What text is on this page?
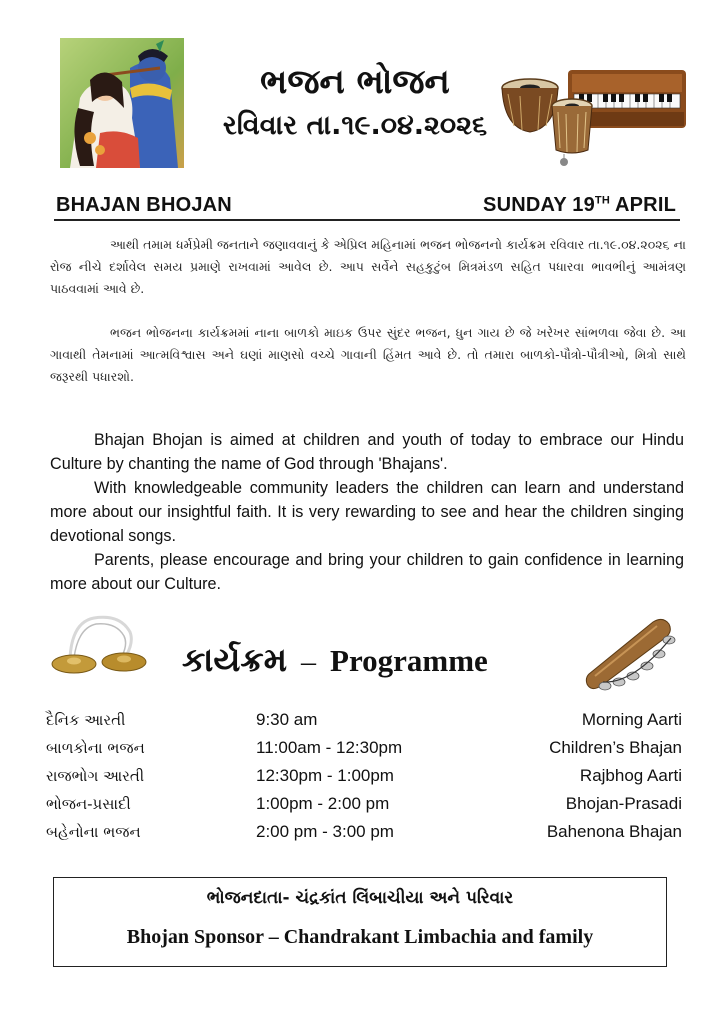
ભજન ભોજન
રવિવાર તા.૧૯.૦૪.૨૦૨૬
BHAJAN BHOJAN	SUNDAY 19TH APRIL

આથી તમામ ધર્મપ્રેમી જનતાને જણાવવાનું કે એપ્રિલ મહિનામાં ભજન ભોજનનો કાર્યક્રમ રવિવાર તા.૧૯.૦૪.૨૦૨૬ ના રોજ નીચે દર્શાવેલ સમય પ્રમાણે રાખવામાં આવેલ છે. આપ સર્વેને સહકુટુંબ મિત્રમંડળ સહિત પધારવા ભાવભીનું આમંત્રણ પાઠવવામાં આવે છે.

ભજન ભોજનના કાર્યક્રમમાં નાના બાળકો માઇક ઉપર સુંદર ભજન, ધુન ગાય છે જે ખરેખર સાંભળવા જેવા છે. આ ગાવાથી તેમનામાં આત્મવિશ્વાસ અને ઘણાં માણસો વચ્ચે ગાવાની હિંમત આવે છે. તો તમારા બાળકો-પૌત્રો-પૌત્રીઓ, મિત્રો સાથે જરૂરથી પધારશો.

Bhajan Bhojan is aimed at children and youth of today to embrace our Hindu Culture by chanting the name of God through 'Bhajans'.

With knowledgeable community leaders the children can learn and understand more about our insightful faith. It is very rewarding to see and hear the children singing devotional songs.

Parents, please encourage and bring your children to gain confidence in learning more about our Culture.

કાર્યક્રમ – Programme
દૈનિક આરતી	9:30 am	Morning Aarti
બાળકોના ભજન	11:00am - 12:30pm	Children’s Bhajan
રાજભોગ આરતી	12:30pm - 1:00pm	Rajbhog Aarti
ભોજન-પ્રસાદી	1:00pm - 2:00 pm	Bhojan-Prasadi
બહેનોના ભજન	2:00 pm - 3:00 pm	Bahenona Bhajan
ભોજનદાતા- ચંદ્રકાંત લિંબાચીયા અને પરિવાર
Bhojan Sponsor – Chandrakant Limbachia and family
